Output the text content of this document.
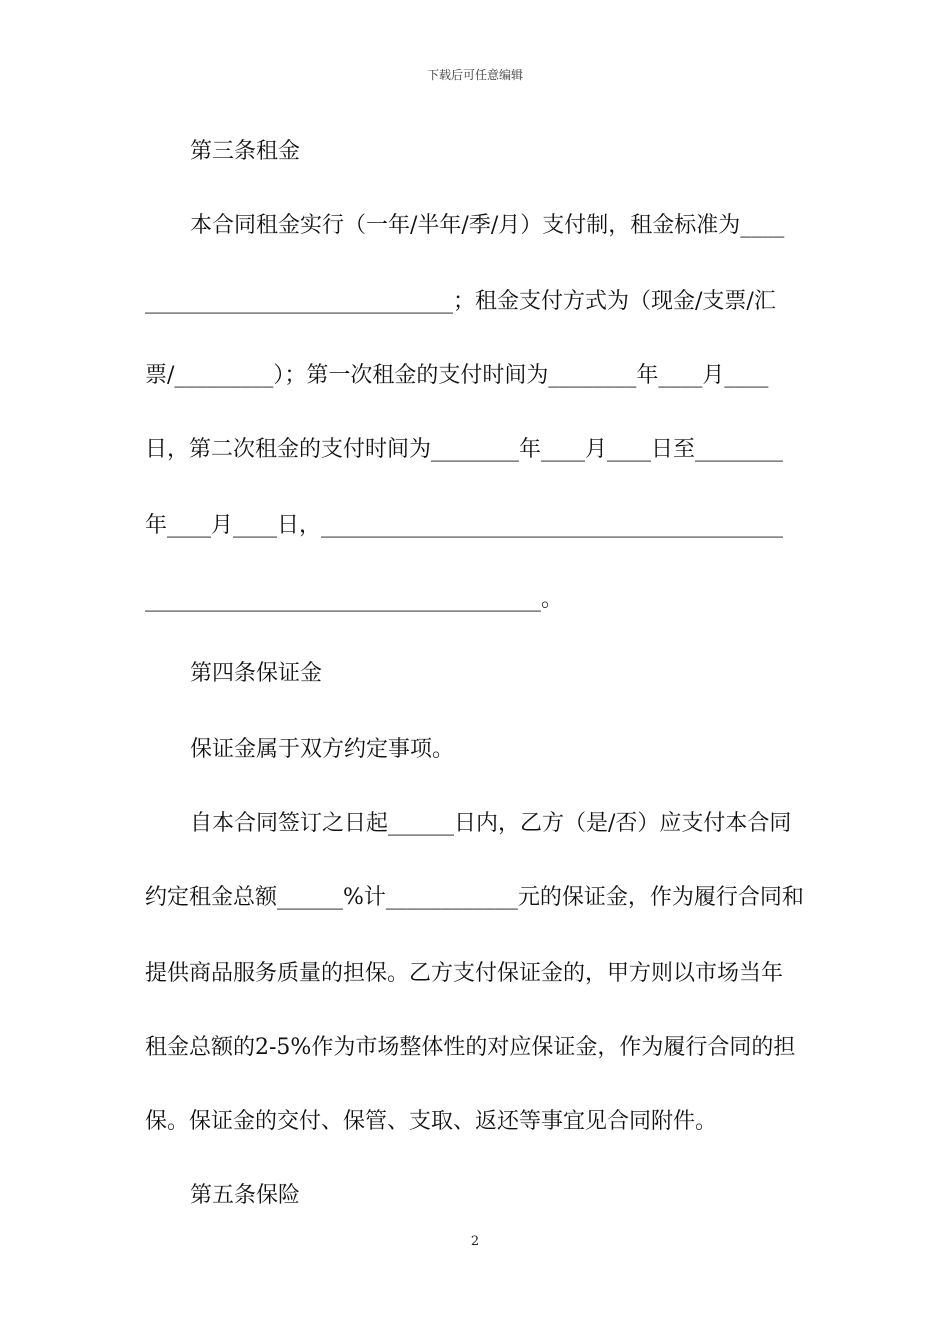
下载后可任意编辑
第三条租金
本合同租金实行（一年/半年/季/月）支付制，租金标准为____
____________________________；租金支付方式为（现金/支票/汇
票/_________）；第一次租金的支付时间为________年____月____
日，第二次租金的支付时间为________年____月____日至________
年____月____日，__________________________________________
____________________________________。
第四条保证金
保证金属于双方约定事项。
自本合同签订之日起______日内，乙方（是/否）应支付本合同
约定租金总额______%计____________元的保证金，作为履行合同和
提供商品服务质量的担保。乙方支付保证金的，甲方则以市场当年
租金总额的2-5%作为市场整体性的对应保证金，作为履行合同的担
保。保证金的交付、保管、支取、返还等事宜见合同附件。
第五条保险
2
